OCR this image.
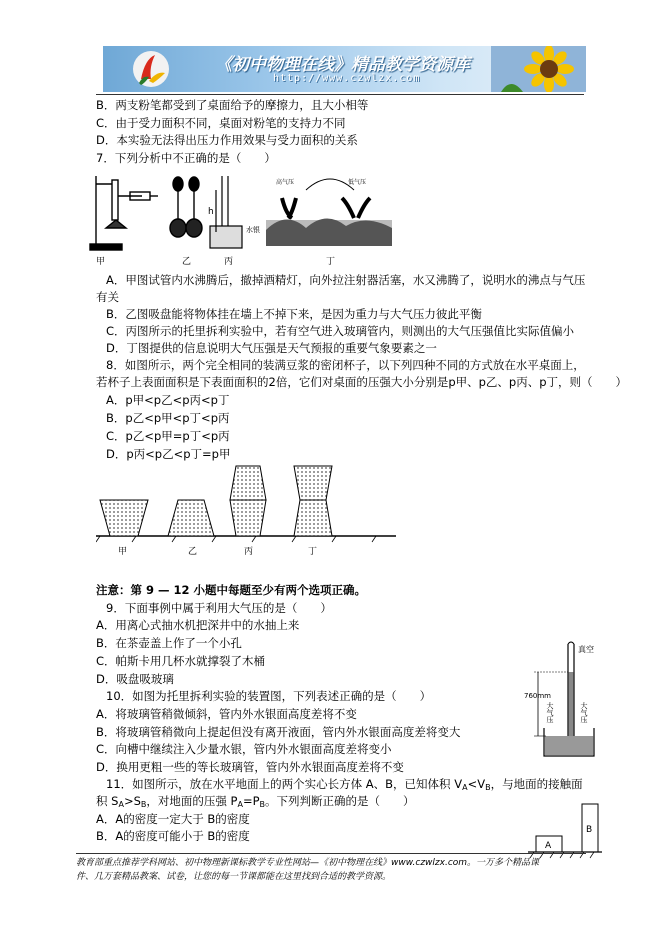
《初中物理在线》精品教学资源库
http://www.czwlzx.com
B．两支粉笔都受到了桌面给予的摩擦力，且大小相等
C．由于受力面积不同，桌面对粉笔的支持力不同
D．本实验无法得出压力作用效果与受力面积的关系
7．下列分析中不正确的是（　　）
甲	乙
h
水银
丙
高气压	低气压
丁
A．甲图试管内水沸腾后，撤掉酒精灯，向外拉注射器活塞，水又沸腾了，说明水的沸点与气压
有关
B．乙图吸盘能将物体挂在墙上不掉下来，是因为重力与大气压力彼此平衡
C．丙图所示的托里拆利实验中，若有空气进入玻璃管内，则测出的大气压强值比实际值偏小
D．丁图提供的信息说明大气压强是天气预报的重要气象要素之一
8．如图所示，两个完全相同的装满豆浆的密闭杯子，以下列四种不同的方式放在水平桌面上，
若杯子上表面面积是下表面面积的2倍，它们对桌面的压强大小分别是p甲、p乙、p丙、p丁，则（　　）
A．p甲<p乙<p丙<p丁
B．p乙<p甲<p丁<p丙
C．p乙<p甲=p丁<p丙
D．p丙<p乙<p丁=p甲
甲	乙	丙	丁
注意：第 9 — 12 小题中每题至少有两个选项正确。
9．下面事例中属于利用大气压的是（　　）
A．用离心式抽水机把深井中的水抽上来
B．在茶壶盖上作了一个小孔
C．帕斯卡用几杯水就撑裂了木桶
D．吸盘吸玻璃
10．如图为托里拆利实验的装置图，下列表述正确的是（　　）
A．将玻璃管稍微倾斜，管内外水银面高度差将不变
B．将玻璃管稍微向上提起但没有离开液面，管内外水银面高度差将变大
C．向槽中继续注入少量水银，管内外水银面高度差将变小
D．换用更粗一些的等长玻璃管，管内外水银面高度差将不变
760mm
真空
大气压	大气压
11．如图所示，放在水平地面上的两个实心长方体 A、B，已知体积 $V_A<V_B$，与地面的接触面
积 $S_A>S_B$，对地面的压强 $P_A=P_B$。下列判断正确的是（　　）
A．A的密度一定大于 B的密度
B．A的密度可能小于 B的密度
A
B
教育部重点推荐学科网站、初中物理新课标教学专业性网站—《初中物理在线》www.czwlzx.com。一万多个精品课
件、几万套精品教案、试卷，让您的每一节课都能在这里找到合适的教学资源。
